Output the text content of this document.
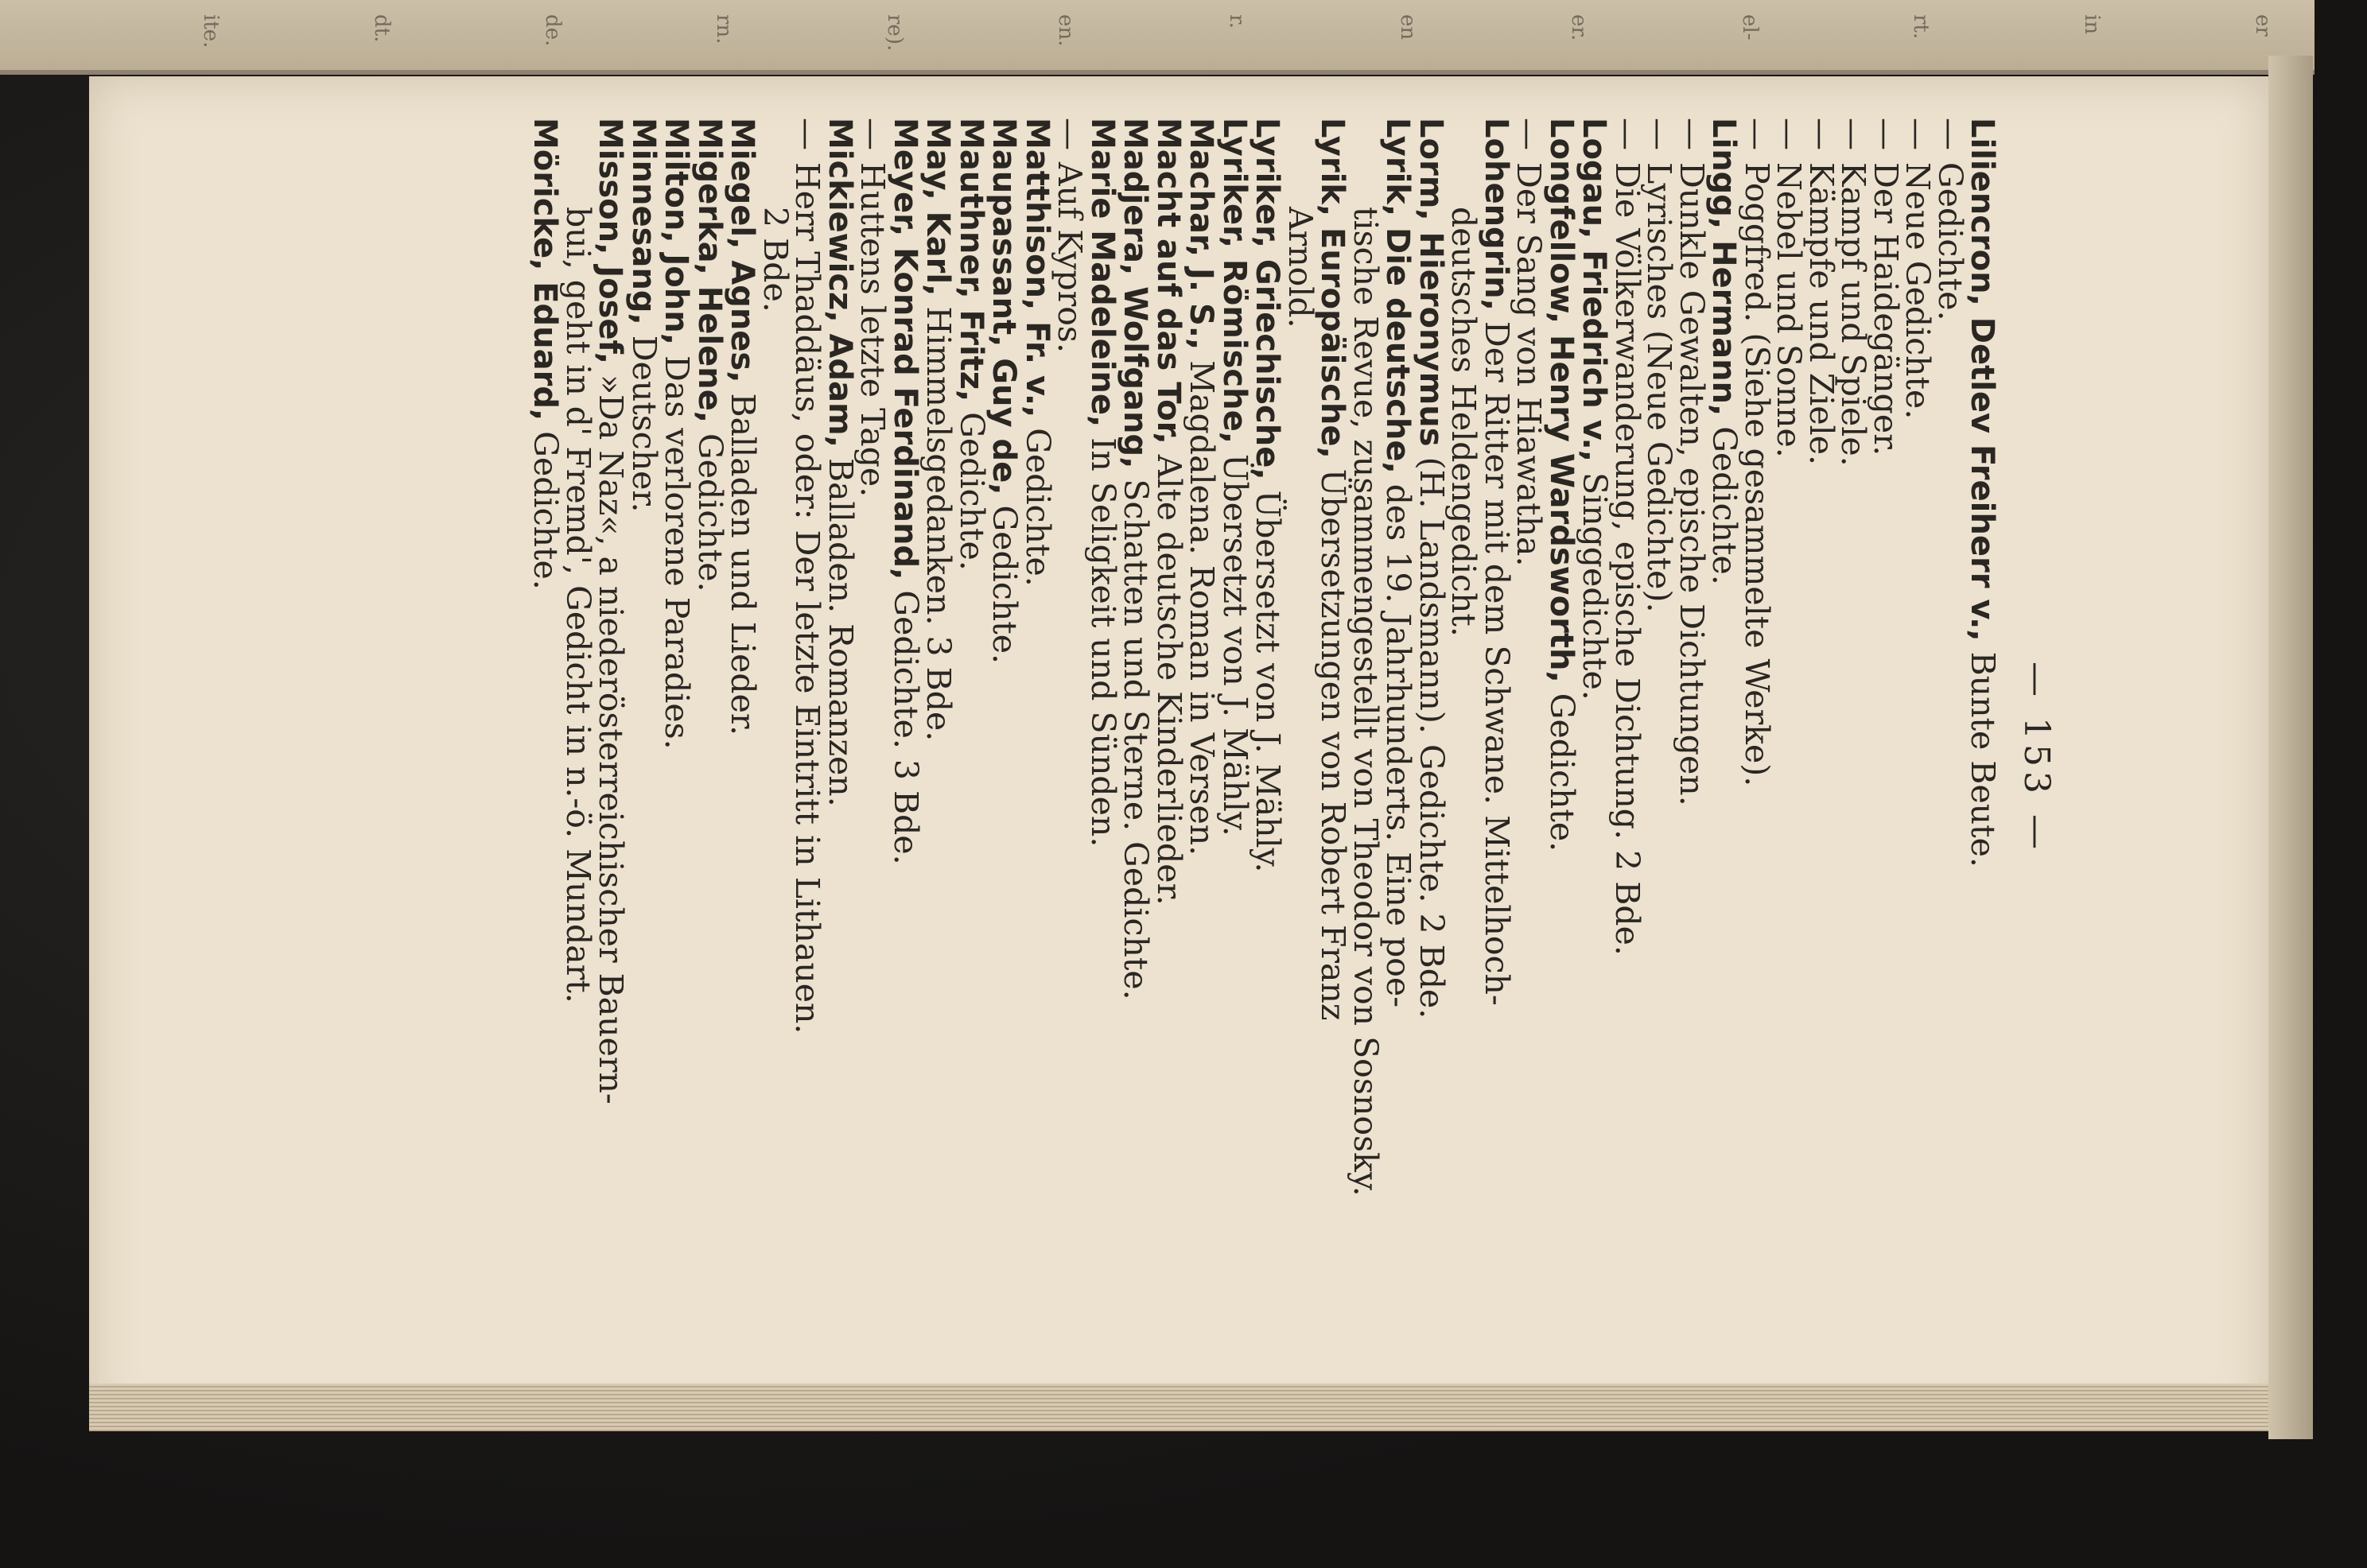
er
in
rt.
el-
er.
en
r.
en.
re).
rn.
de.
dt.
ite.
— 153 —
Liliencron, Detlev Freiherr v., Bunte Beute.
—Gedichte.
—Neue Gedichte.
—Der Haidegänger.
—Kampf und Spiele.
—Kämpfe und Ziele.
—Nebel und Sonne.
—Poggfred. (Siehe gesammelte Werke).
Lingg, Hermann, Gedichte.
—Dunkle Gewalten, epische Dichtungen.
—Lyrisches (Neue Gedichte).
—Die Völkerwanderung, epische Dichtung. 2 Bde.
Logau, Friedrich v., Singgedichte.
Longfellow, Henry Wardsworth, Gedichte.
—Der Sang von Hiawatha.
Lohengrin, Der Ritter mit dem Schwane. Mittelhoch-
deutsches Heldengedicht.
Lorm, Hieronymus (H. Landsmann). Gedichte. 2 Bde.
Lyrik, Die deutsche, des 19. Jahrhunderts. Eine poe-
tische Revue, zusammengestellt von Theodor von Sosnosky.
Lyrik, Europäische, Übersetzungen von Robert Franz
Arnold.
Lyriker, Griechische, Übersetzt von J. Mähly.
Lyriker, Römische, Übersetzt von J. Mähly.
Machar, J. S., Magdalena. Roman in Versen.
Macht auf das Tor, Alte deutsche Kinderlieder.
Madjera, Wolfgang, Schatten und Sterne. Gedichte.
Marie Madeleine, In Seligkeit und Sünden.
—Auf Kypros.
Matthison, Fr. v., Gedichte.
Maupassant, Guy de, Gedichte.
Mauthner, Fritz, Gedichte.
May, Karl, Himmelsgedanken. 3 Bde.
Meyer, Konrad Ferdinand, Gedichte. 3 Bde.
—Huttens letzte Tage.
Mickiewicz, Adam, Balladen. Romanzen.
—Herr Thaddäus, oder: Der letzte Eintritt in Lithauen.
2 Bde.
Miegel, Agnes, Balladen und Lieder.
Migerka, Helene, Gedichte.
Milton, John, Das verlorene Paradies.
Minnesang, Deutscher.
Misson, Josef, »Da Naz«, a niederösterreichischer Bauern-
bui, geht in d' Fremd', Gedicht in n.-ö. Mundart.
Möricke, Eduard, Gedichte.
